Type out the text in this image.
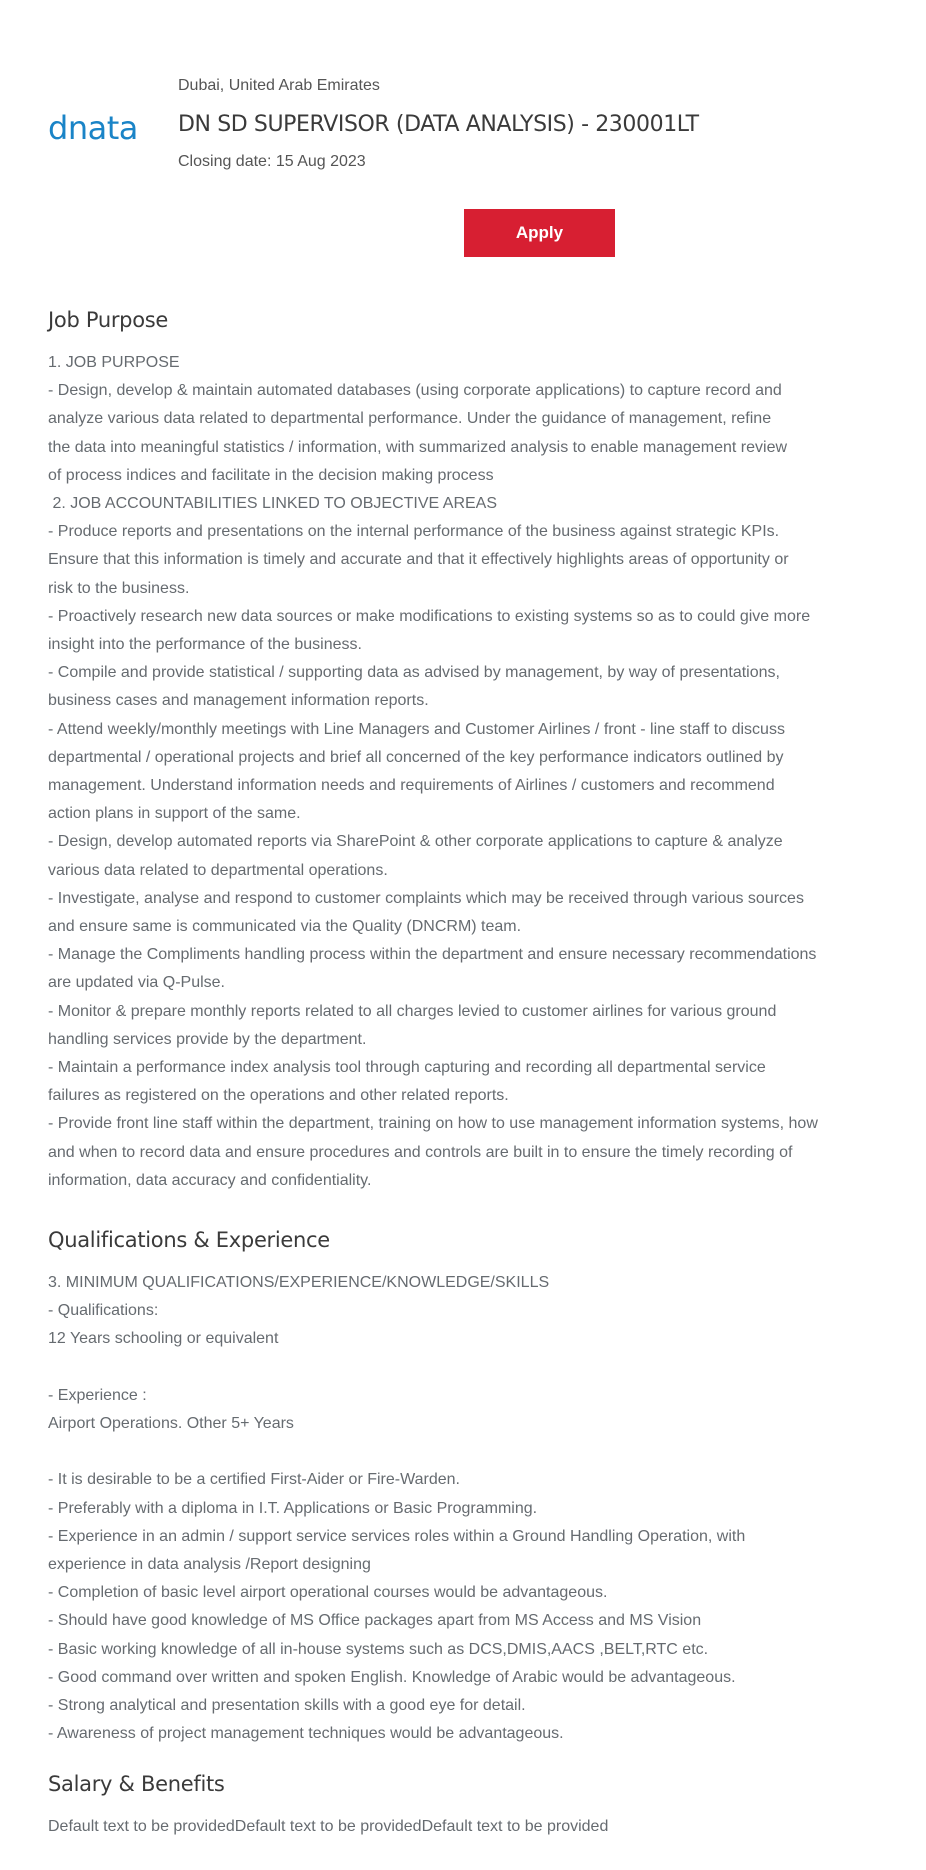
dnata
Dubai, United Arab Emirates
DN SD SUPERVISOR (DATA ANALYSIS) - 230001LT
Closing date: 15 Aug 2023
Apply
Job Purpose
1. JOB PURPOSE
- Design, develop & maintain automated databases (using corporate applications) to capture record and
analyze various data related to departmental performance. Under the guidance of management, refine
the data into meaningful statistics / information, with summarized analysis to enable management review
of process indices and facilitate in the decision making process
2. JOB ACCOUNTABILITIES LINKED TO OBJECTIVE AREAS
- Produce reports and presentations on the internal performance of the business against strategic KPIs.
Ensure that this information is timely and accurate and that it effectively highlights areas of opportunity or
risk to the business.
- Proactively research new data sources or make modifications to existing systems so as to could give more
insight into the performance of the business.
- Compile and provide statistical / supporting data as advised by management, by way of presentations,
business cases and management information reports.
- Attend weekly/monthly meetings with Line Managers and Customer Airlines / front - line staff to discuss
departmental / operational projects and brief all concerned of the key performance indicators outlined by
management. Understand information needs and requirements of Airlines / customers and recommend
action plans in support of the same.
- Design, develop automated reports via SharePoint & other corporate applications to capture & analyze
various data related to departmental operations.
- Investigate, analyse and respond to customer complaints which may be received through various sources
and ensure same is communicated via the Quality (DNCRM) team.
- Manage the Compliments handling process within the department and ensure necessary recommendations
are updated via Q-Pulse.
- Monitor & prepare monthly reports related to all charges levied to customer airlines for various ground
handling services provide by the department.
- Maintain a performance index analysis tool through capturing and recording all departmental service
failures as registered on the operations and other related reports.
- Provide front line staff within the department, training on how to use management information systems, how
and when to record data and ensure procedures and controls are built in to ensure the timely recording of
information, data accuracy and confidentiality.
Qualifications & Experience
3. MINIMUM QUALIFICATIONS/EXPERIENCE/KNOWLEDGE/SKILLS
- Qualifications:
12 Years schooling or equivalent
- Experience :
Airport Operations. Other 5+ Years
- It is desirable to be a certified First-Aider or Fire-Warden.
- Preferably with a diploma in I.T. Applications or Basic Programming.
- Experience in an admin / support service services roles within a Ground Handling Operation, with
experience in data analysis /Report designing
- Completion of basic level airport operational courses would be advantageous.
- Should have good knowledge of MS Office packages apart from MS Access and MS Vision
- Basic working knowledge of all in-house systems such as DCS,DMIS,AACS ,BELT,RTC etc.
- Good command over written and spoken English. Knowledge of Arabic would be advantageous.
- Strong analytical and presentation skills with a good eye for detail.
- Awareness of project management techniques would be advantageous.
Salary & Benefits
Default text to be providedDefault text to be providedDefault text to be provided
